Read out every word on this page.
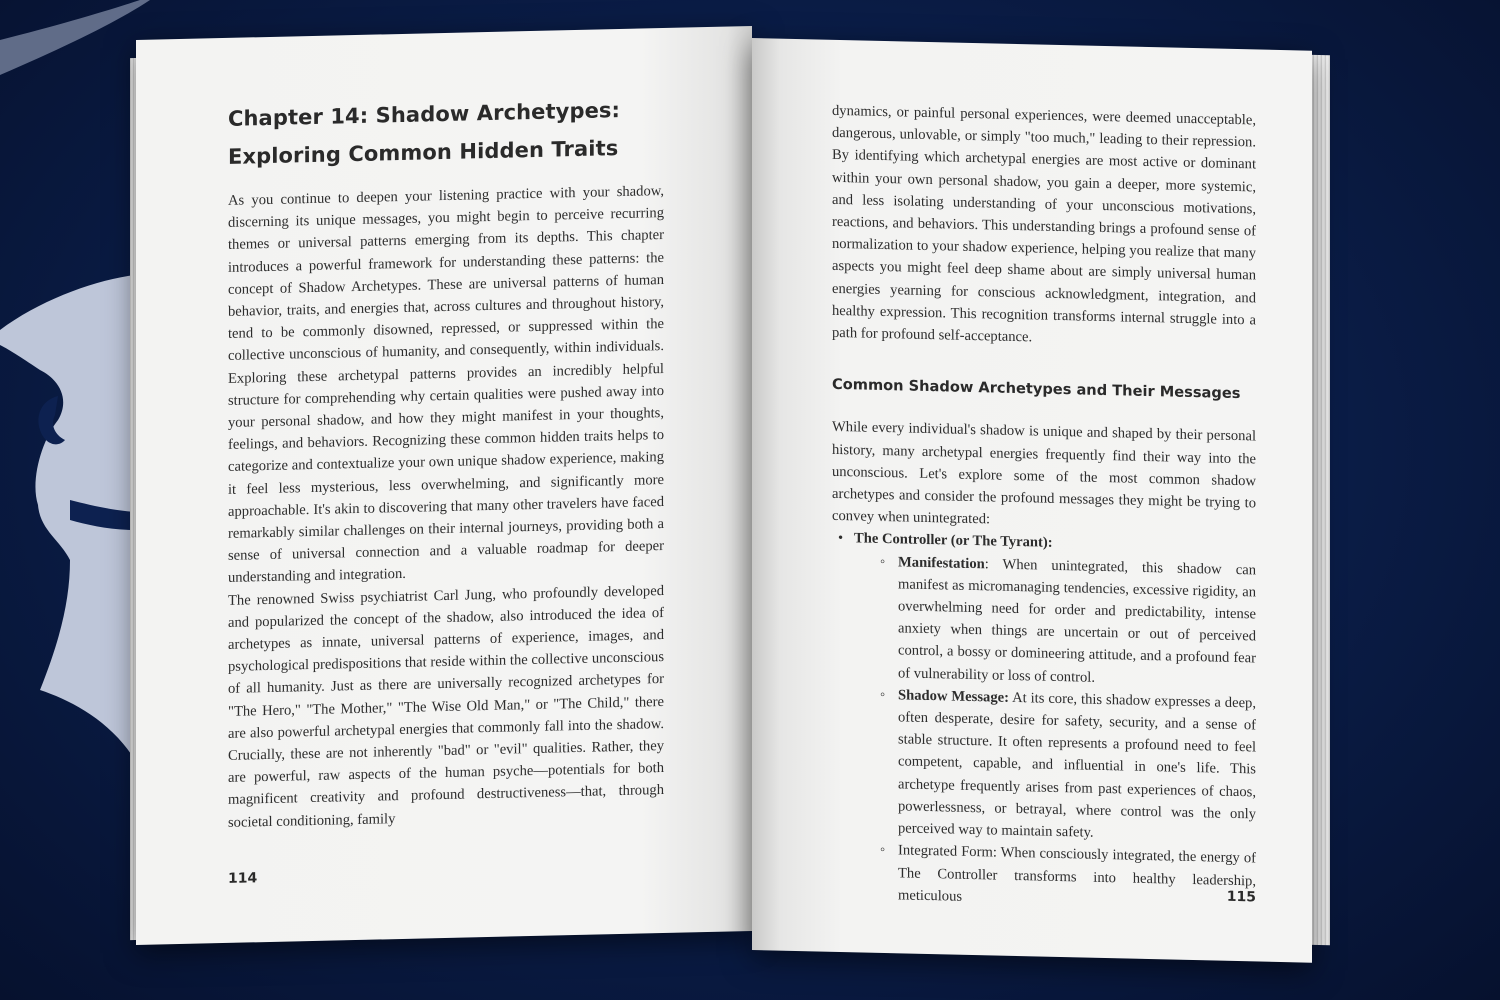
Chapter 14: Shadow Archetypes:
Exploring Common Hidden Traits

As you continue to deepen your listening practice with your shadow, discerning its unique messages, you might begin to perceive recurring themes or universal patterns emerging from its depths. This chapter introduces a powerful framework for understanding these patterns: the concept of Shadow Archetypes. These are universal patterns of human behavior, traits, and energies that, across cultures and throughout history, tend to be commonly disowned, repressed, or suppressed within the collective unconscious of humanity, and consequently, within individuals. Exploring these archetypal patterns provides an incredibly helpful structure for comprehending why certain qualities were pushed away into your personal shadow, and how they might manifest in your thoughts, feelings, and behaviors. Recognizing these common hidden traits helps to categorize and contextualize your own unique shadow experience, making it feel less mysterious, less overwhelming, and significantly more approachable. It's akin to discovering that many other travelers have faced remarkably similar challenges on their internal journeys, providing both a sense of universal connection and a valuable roadmap for deeper understanding and integration.

The renowned Swiss psychiatrist Carl Jung, who profoundly developed and popularized the concept of the shadow, also introduced the idea of archetypes as innate, universal patterns of experience, images, and psychological predispositions that reside within the collective unconscious of all humanity. Just as there are universally recognized archetypes for "The Hero," "The Mother," "The Wise Old Man," or "The Child," there are also powerful archetypal energies that commonly fall into the shadow. Crucially, these are not inherently "bad" or "evil" qualities. Rather, they are powerful, raw aspects of the human psyche—potentials for both magnificent creativity and profound destructiveness—that, through societal conditioning, family

114

dynamics, or painful personal experiences, were deemed unacceptable, dangerous, unlovable, or simply "too much," leading to their repression. By identifying which archetypal energies are most active or dominant within your own personal shadow, you gain a deeper, more systemic, and less isolating understanding of your unconscious motivations, reactions, and behaviors. This understanding brings a profound sense of normalization to your shadow experience, helping you realize that many aspects you might feel deep shame about are simply universal human energies yearning for conscious acknowledgment, integration, and healthy expression. This recognition transforms internal struggle into a path for profound self-acceptance.

Common Shadow Archetypes and Their Messages

While every individual's shadow is unique and shaped by their personal history, many archetypal energies frequently find their way into the unconscious. Let's explore some of the most common shadow archetypes and consider the profound messages they might be trying to convey when unintegrated:

• The Controller (or The Tyrant):
◦ Manifestation: When unintegrated, this shadow can manifest as micromanaging tendencies, excessive rigidity, an overwhelming need for order and predictability, intense anxiety when things are uncertain or out of perceived control, a bossy or domineering attitude, and a profound fear of vulnerability or loss of control.
◦ Shadow Message: At its core, this shadow expresses a deep, often desperate, desire for safety, security, and a sense of stable structure. It often represents a profound need to feel competent, capable, and influential in one's life. This archetype frequently arises from past experiences of chaos, powerlessness, or betrayal, where control was the only perceived way to maintain safety.
◦ Integrated Form: When consciously integrated, the energy of The Controller transforms into healthy leadership, meticulous	115
